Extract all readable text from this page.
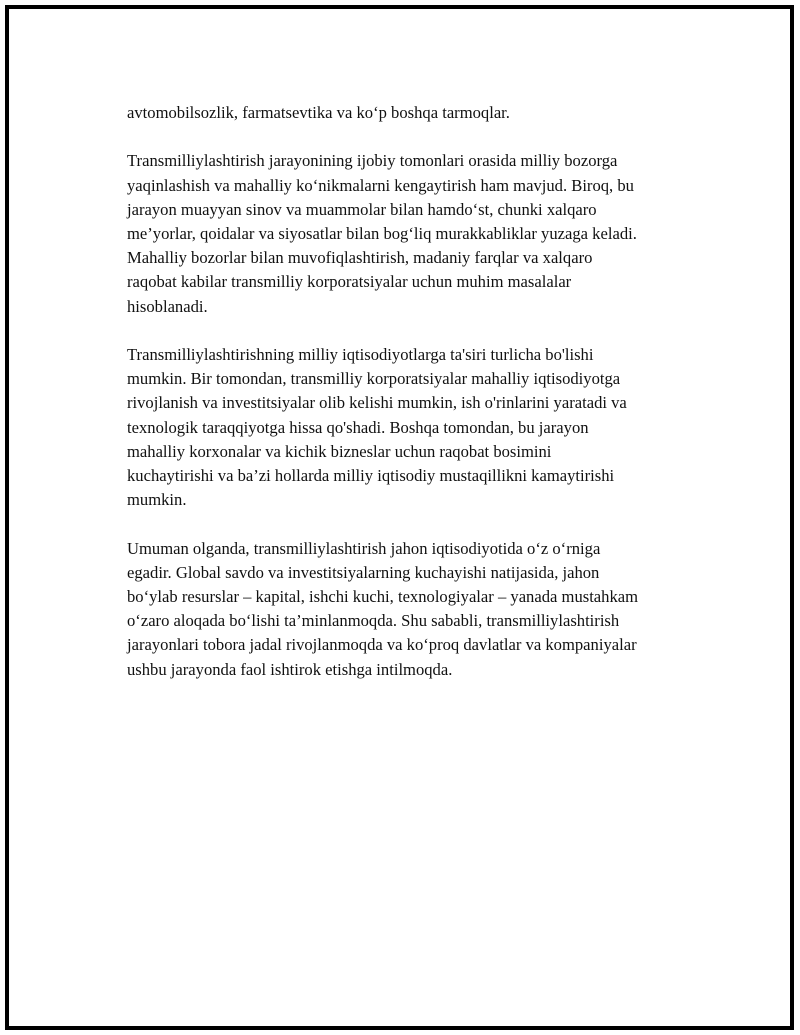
avtomobilsozlik, farmatsevtika va ko‘p boshqa tarmoqlar.

Transmilliylashtirish jarayonining ijobiy tomonlari orasida milliy bozorga
yaqinlashish va mahalliy ko‘nikmalarni kengaytirish ham mavjud. Biroq, bu
jarayon muayyan sinov va muammolar bilan hamdo‘st, chunki xalqaro
me’yorlar, qoidalar va siyosatlar bilan bog‘liq murakkabliklar yuzaga keladi.
Mahalliy bozorlar bilan muvofiqlashtirish, madaniy farqlar va xalqaro
raqobat kabilar transmilliy korporatsiyalar uchun muhim masalalar
hisoblanadi.

Transmilliylashtirishning milliy iqtisodiyotlarga ta'siri turlicha bo'lishi
mumkin. Bir tomondan, transmilliy korporatsiyalar mahalliy iqtisodiyotga
rivojlanish va investitsiyalar olib kelishi mumkin, ish o'rinlarini yaratadi va
texnologik taraqqiyotga hissa qo'shadi. Boshqa tomondan, bu jarayon
mahalliy korxonalar va kichik bizneslar uchun raqobat bosimini
kuchaytirishi va ba’zi hollarda milliy iqtisodiy mustaqillikni kamaytirishi
mumkin.

Umuman olganda, transmilliylashtirish jahon iqtisodiyotida o‘z o‘rniga
egadir. Global savdo va investitsiyalarning kuchayishi natijasida, jahon
bo‘ylab resurslar – kapital, ishchi kuchi, texnologiyalar – yanada mustahkam
o‘zaro aloqada bo‘lishi ta’minlanmoqda. Shu sababli, transmilliylashtirish
jarayonlari tobora jadal rivojlanmoqda va ko‘proq davlatlar va kompaniyalar
ushbu jarayonda faol ishtirok etishga intilmoqda.
